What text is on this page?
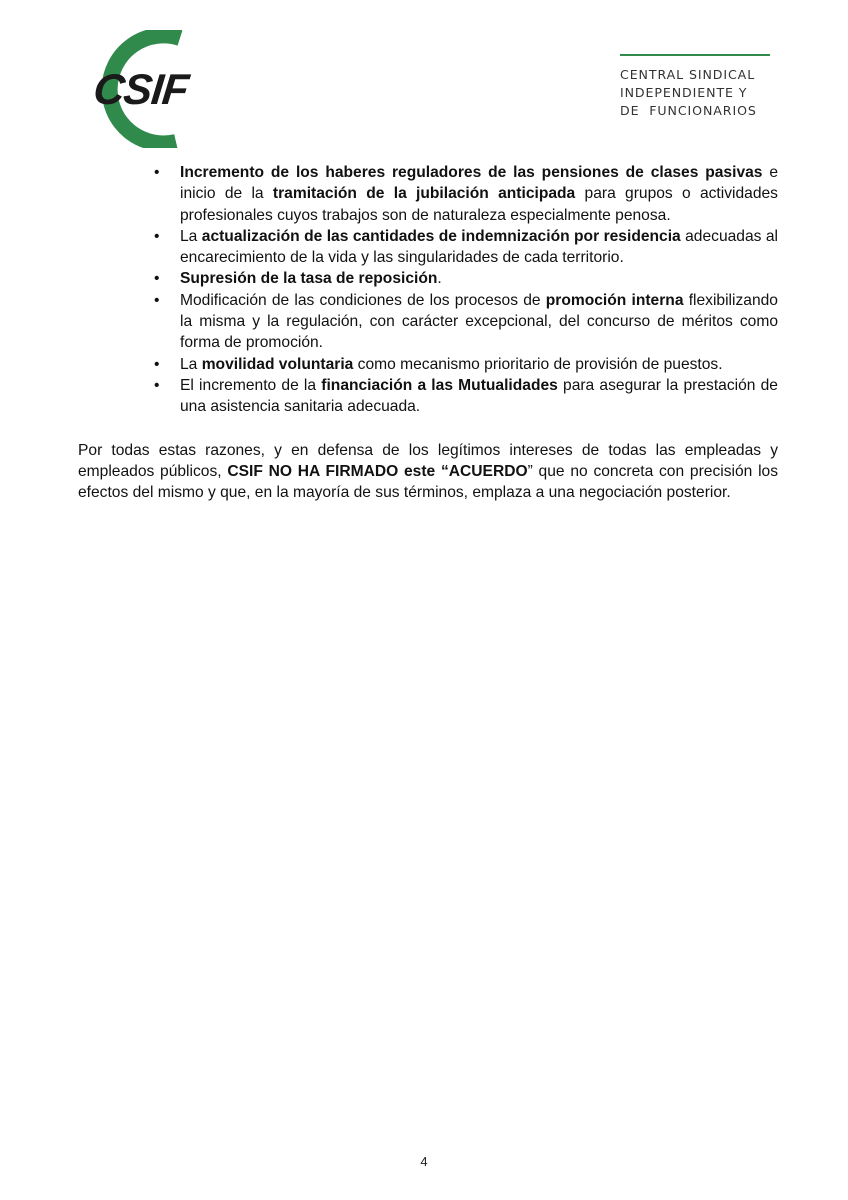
CSIF	CENTRAL SINDICAL
INDEPENDIENTE Y
DE  FUNCIONARIOS
• Incremento de los haberes reguladores de las pensiones de clases pasivas e inicio de la tramitación de la jubilación anticipada para grupos o actividades profesionales cuyos trabajos son de naturaleza especialmente penosa.
• La actualización de las cantidades de indemnización por residencia adecuadas al encarecimiento de la vida y las singularidades de cada territorio.
• Supresión de la tasa de reposición.
• Modificación de las condiciones de los procesos de promoción interna flexibilizando la misma y la regulación, con carácter excepcional, del concurso de méritos como forma de promoción.
• La movilidad voluntaria como mecanismo prioritario de provisión de puestos.
• El incremento de la financiación a las Mutualidades para asegurar la prestación de una asistencia sanitaria adecuada.

Por todas estas razones, y en defensa de los legítimos intereses de todas las empleadas y empleados públicos, CSIF NO HA FIRMADO este “ACUERDO” que no concreta con precisión los efectos del mismo y que, en la mayoría de sus términos, emplaza a una negociación posterior.

4
